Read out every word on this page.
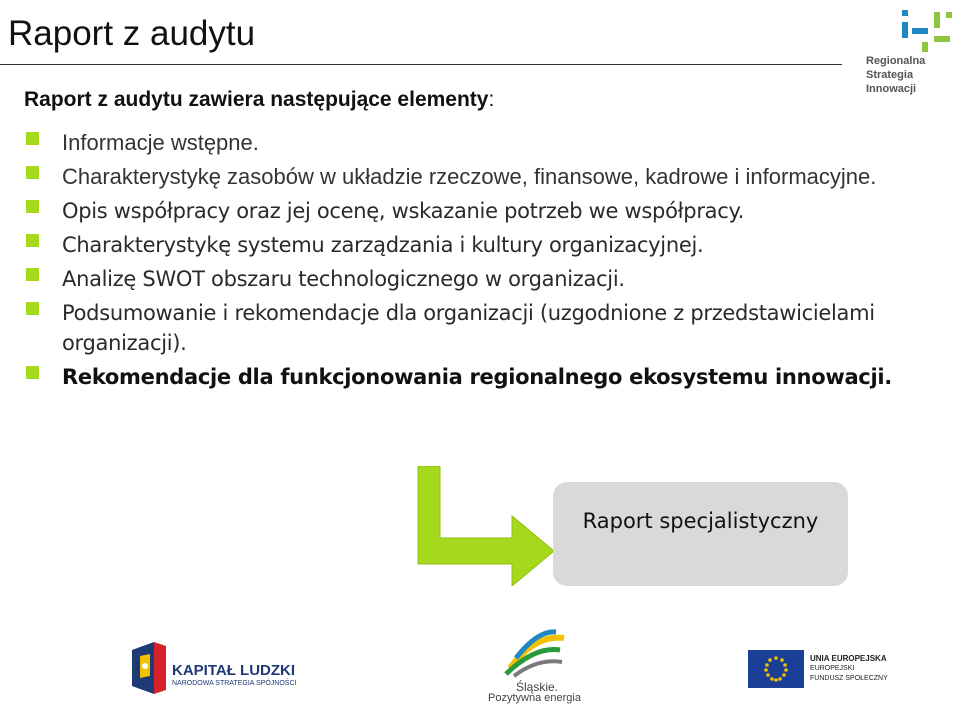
Raport z audytu
Regionalna
Strategia
Innowacji
Raport z audytu zawiera następujące elementy:
Informacje wstępne.
Charakterystykę zasobów w układzie rzeczowe, finansowe, kadrowe i informacyjne.
Opis współpracy oraz jej ocenę, wskazanie potrzeb we współpracy.
Charakterystykę systemu zarządzania i kultury organizacyjnej.
Analizę SWOT obszaru technologicznego w organizacji.
Podsumowanie i rekomendacje dla organizacji (uzgodnione z przedstawicielami organizacji).
Rekomendacje dla funkcjonowania regionalnego ekosystemu innowacji.
Raport specjalistyczny
KAPITAŁ LUDZKI
NARODOWA STRATEGIA SPÓJNOŚCI	Śląskie.
Pozytywna energia
UNIA EUROPEJSKA
EUROPEJSKI
FUNDUSZ SPOŁECZNY
